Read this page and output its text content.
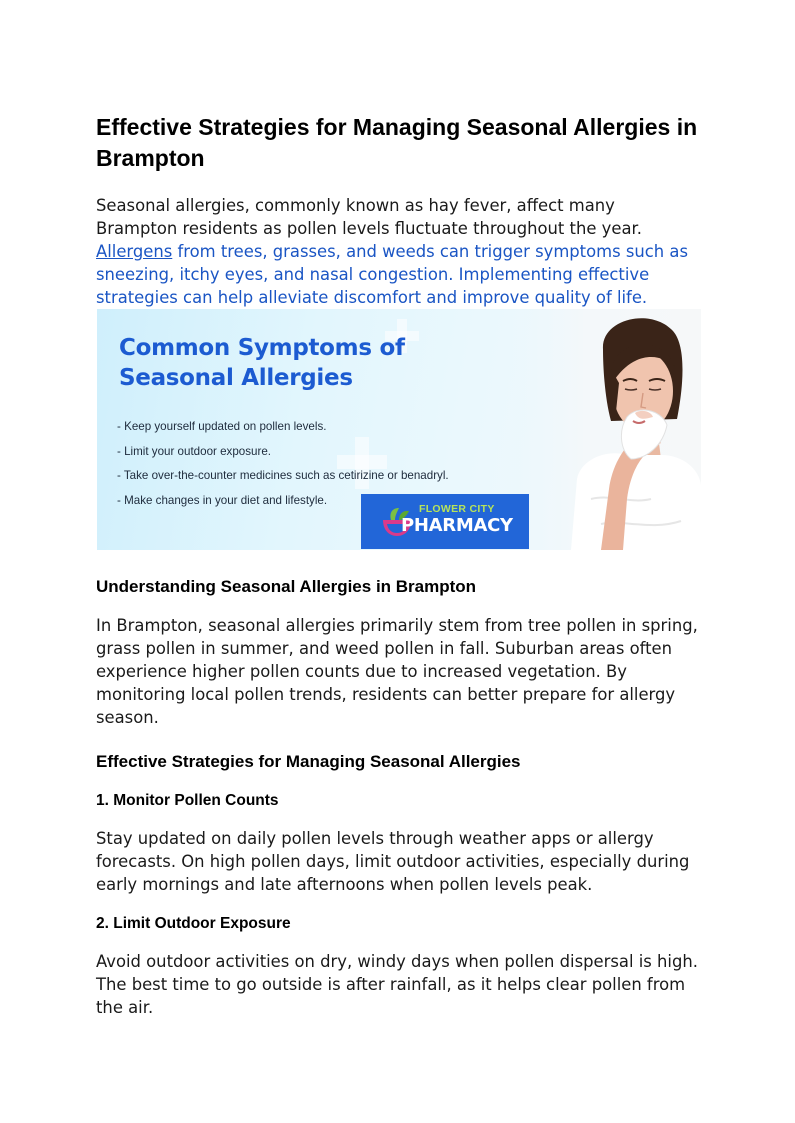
Effective Strategies for Managing Seasonal Allergies in Brampton

Seasonal allergies, commonly known as hay fever, affect many Brampton residents as pollen levels fluctuate throughout the year. Allergens from trees, grasses, and weeds can trigger symptoms such as sneezing, itchy eyes, and nasal congestion. Implementing effective strategies can help alleviate discomfort and improve quality of life.

Common Symptoms of
Seasonal Allergies
- Keep yourself updated on pollen levels.
- Limit your outdoor exposure.
- Take over-the-counter medicines such as cetirizine or benadryl.
- Make changes in your diet and lifestyle.
FLOWER CITY
PHARMACY
Understanding Seasonal Allergies in Brampton

In Brampton, seasonal allergies primarily stem from tree pollen in spring, grass pollen in summer, and weed pollen in fall. Suburban areas often experience higher pollen counts due to increased vegetation. By monitoring local pollen trends, residents can better prepare for allergy season.

Effective Strategies for Managing Seasonal Allergies
1. Monitor Pollen Counts

Stay updated on daily pollen levels through weather apps or allergy forecasts. On high pollen days, limit outdoor activities, especially during early mornings and late afternoons when pollen levels peak.

2. Limit Outdoor Exposure

Avoid outdoor activities on dry, windy days when pollen dispersal is high. The best time to go outside is after rainfall, as it helps clear pollen from the air.
